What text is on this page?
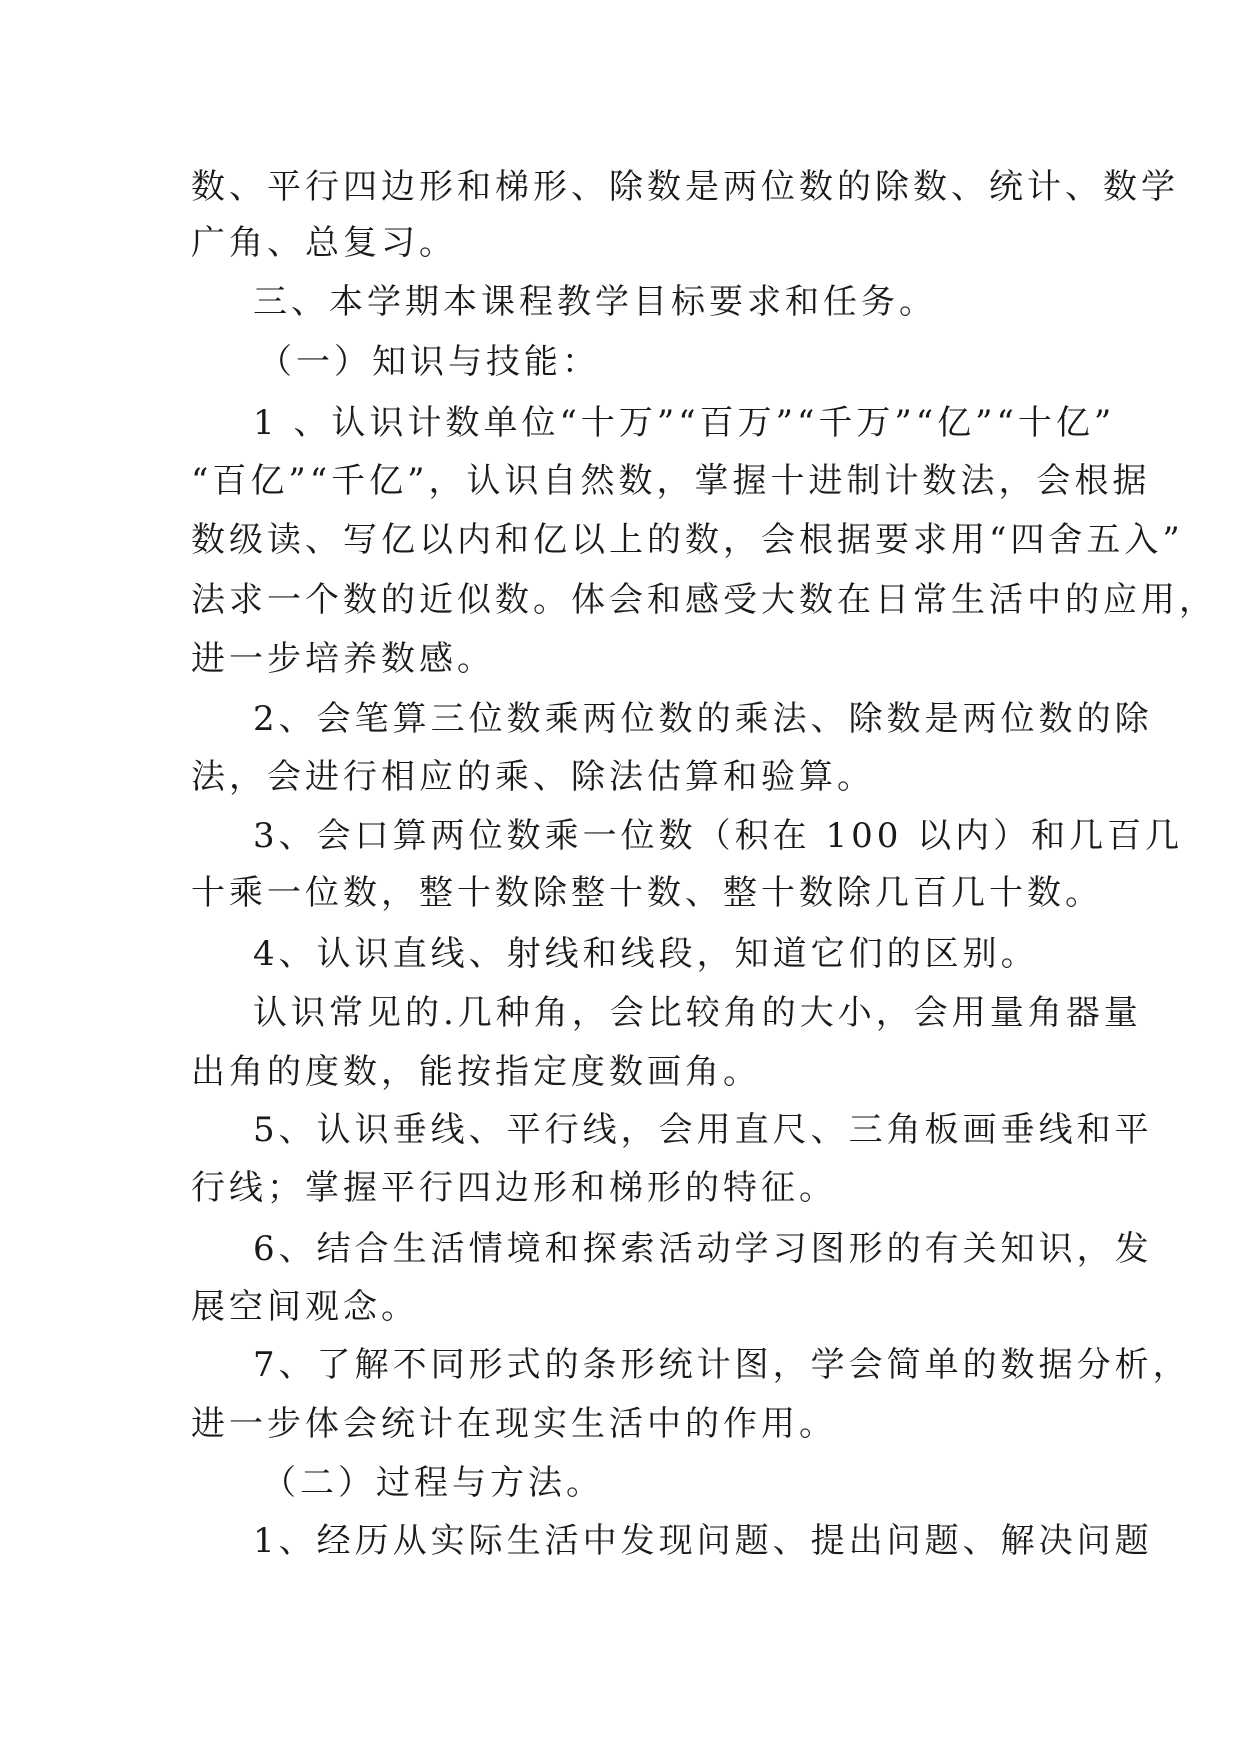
数、平行四边形和梯形、除数是两位数的除数、统计、数学
广角、总复习。
三、本学期本课程教学目标要求和任务。
（一）知识与技能：
1 、认识计数单位“十万”“百万”“千万”“亿”“十亿”
“百亿”“千亿”，认识自然数，掌握十进制计数法，会根据
数级读、写亿以内和亿以上的数，会根据要求用“四舍五入”
法求一个数的近似数。体会和感受大数在日常生活中的应用，
进一步培养数感。
2、会笔算三位数乘两位数的乘法、除数是两位数的除
法，会进行相应的乘、除法估算和验算。
3、会口算两位数乘一位数（积在 100 以内）和几百几
十乘一位数，整十数除整十数、整十数除几百几十数。
4、认识直线、射线和线段，知道它们的区别。
认识常见的.几种角，会比较角的大小，会用量角器量
出角的度数，能按指定度数画角。
5、认识垂线、平行线，会用直尺、三角板画垂线和平
行线；掌握平行四边形和梯形的特征。
6、结合生活情境和探索活动学习图形的有关知识，发
展空间观念。
7、了解不同形式的条形统计图，学会简单的数据分析，
进一步体会统计在现实生活中的作用。
（二）过程与方法。
1、经历从实际生活中发现问题、提出问题、解决问题
